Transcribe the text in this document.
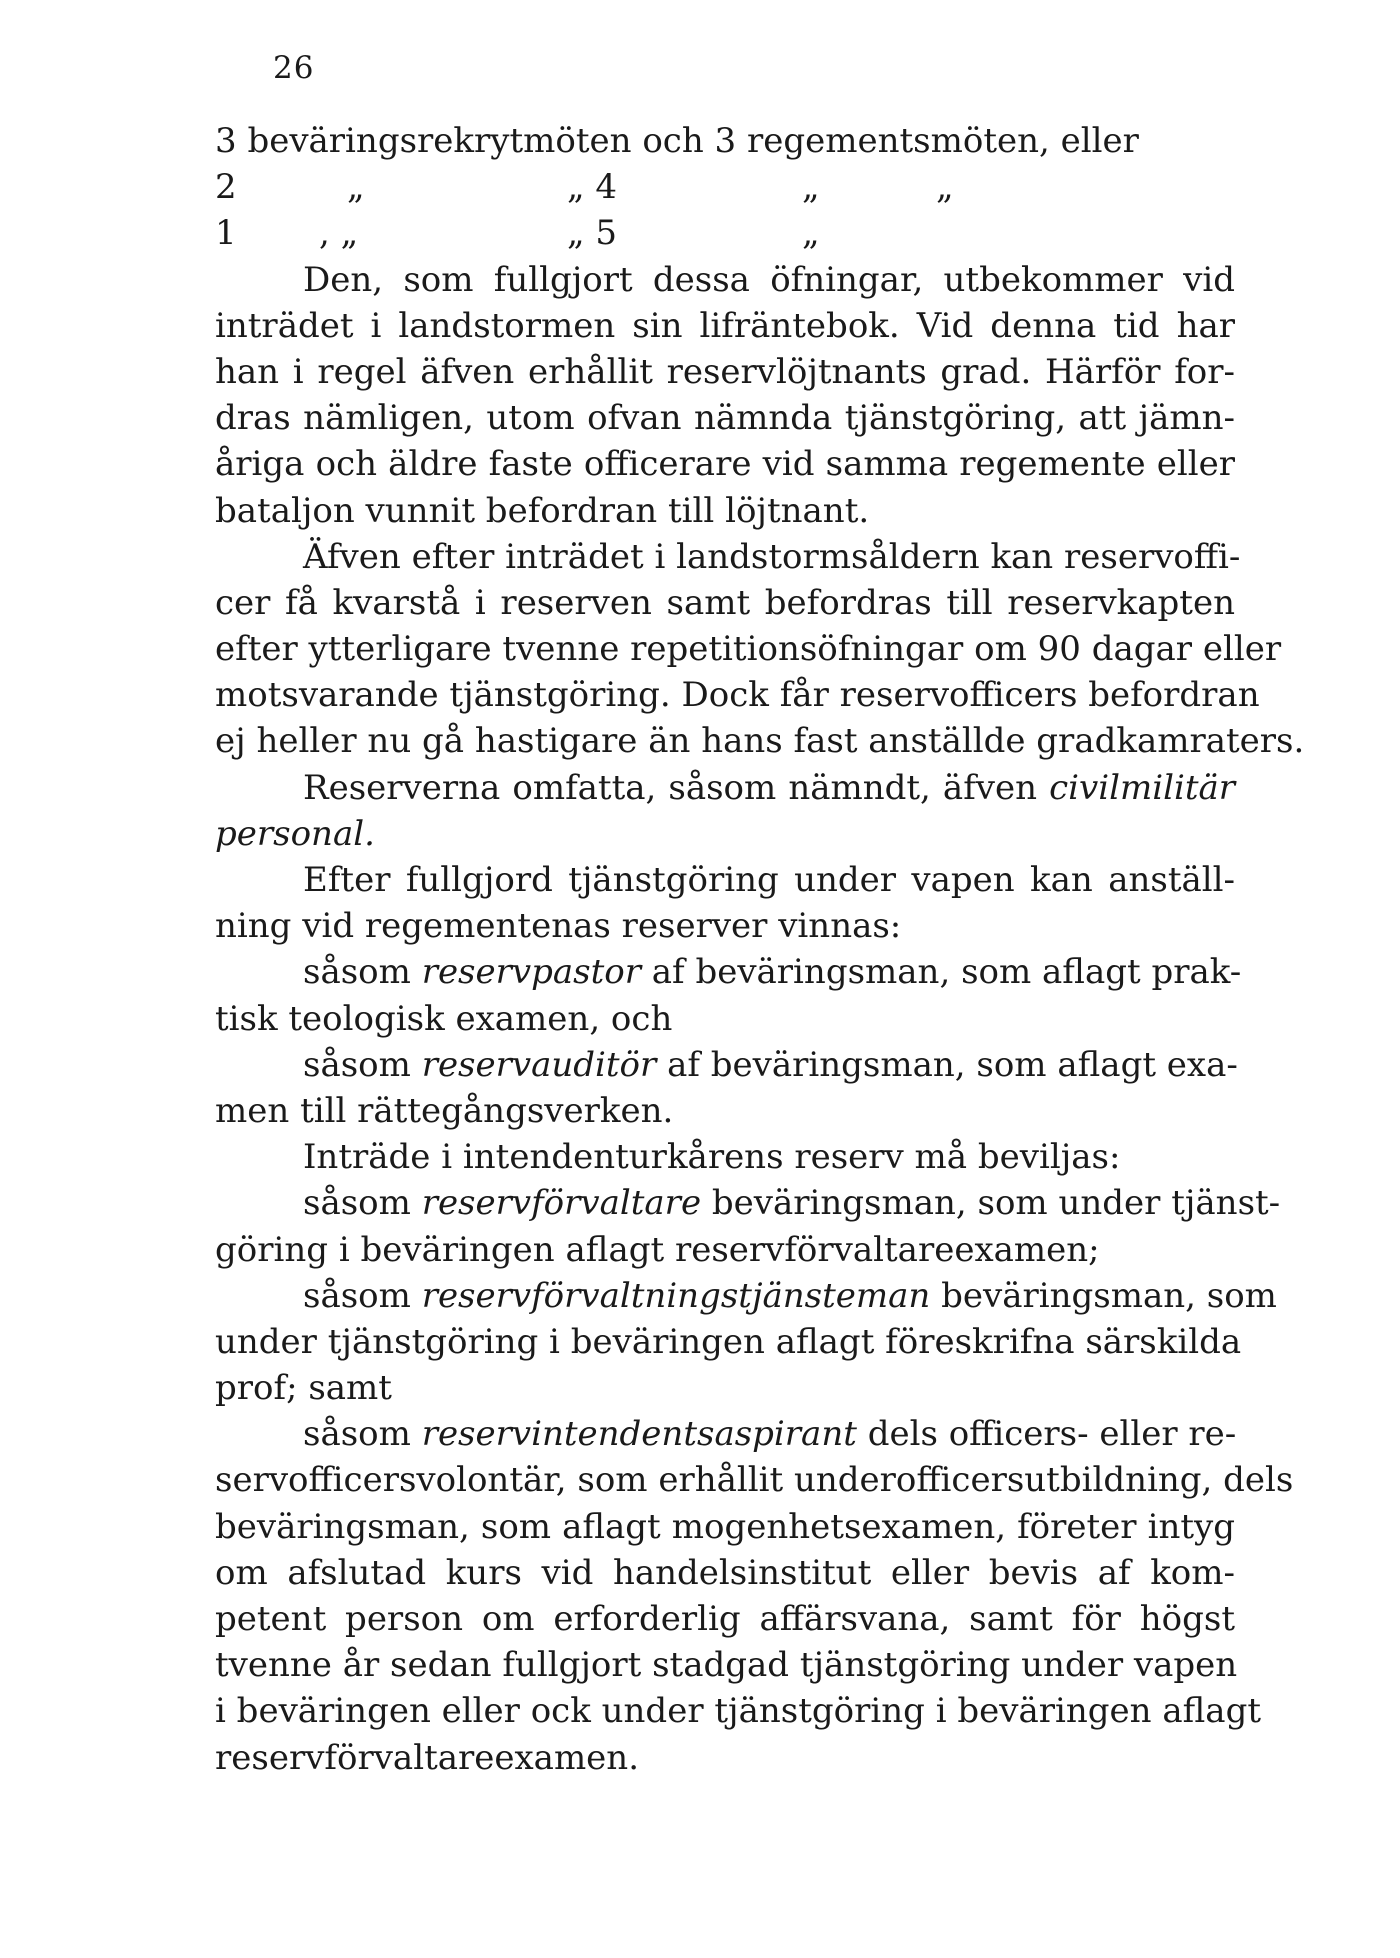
26
3 beväringsrekrytmöten och 3 regementsmöten, eller
2	„	„ 4	„	„
1 , „	„ 5	„
Den, som fullgjort dessa öfningar, utbekommer vid
inträdet i landstormen sin lifräntebok. Vid denna tid har
han i regel äfven erhållit reservlöjtnants grad. Härför for-
dras nämligen, utom ofvan nämnda tjänstgöring, att jämn-
åriga och äldre faste officerare vid samma regemente eller
bataljon vunnit befordran till löjtnant.
Äfven efter inträdet i landstormsåldern kan reservoffi-
cer få kvarstå i reserven samt befordras till reservkapten
efter ytterligare tvenne repetitionsöfningar om 90 dagar eller
motsvarande tjänstgöring. Dock får reservofficers befordran
ej heller nu gå hastigare än hans fast anställde gradkamraters.
Reserverna omfatta, såsom nämndt, äfven civilmilitär
personal.
Efter fullgjord tjänstgöring under vapen kan anställ-
ning vid regementenas reserver vinnas:
såsom reservpastor af beväringsman, som aflagt prak-
tisk teologisk examen, och
såsom reservauditör af beväringsman, som aflagt exa-
men till rättegångsverken.
Inträde i intendenturkårens reserv må beviljas:
såsom reservförvaltare beväringsman, som under tjänst-
göring i beväringen aflagt reservförvaltareexamen;
såsom reservförvaltningstjänsteman beväringsman, som
under tjänstgöring i beväringen aflagt föreskrifna särskilda
prof; samt
såsom reservintendentsaspirant dels officers- eller re-
servofficersvolontär, som erhållit underofficersutbildning, dels
beväringsman, som aflagt mogenhetsexamen, företer intyg
om afslutad kurs vid handelsinstitut eller bevis af kom-
petent person om erforderlig affärsvana, samt för högst
tvenne år sedan fullgjort stadgad tjänstgöring under vapen
i beväringen eller ock under tjänstgöring i beväringen aflagt
reservförvaltareexamen.
